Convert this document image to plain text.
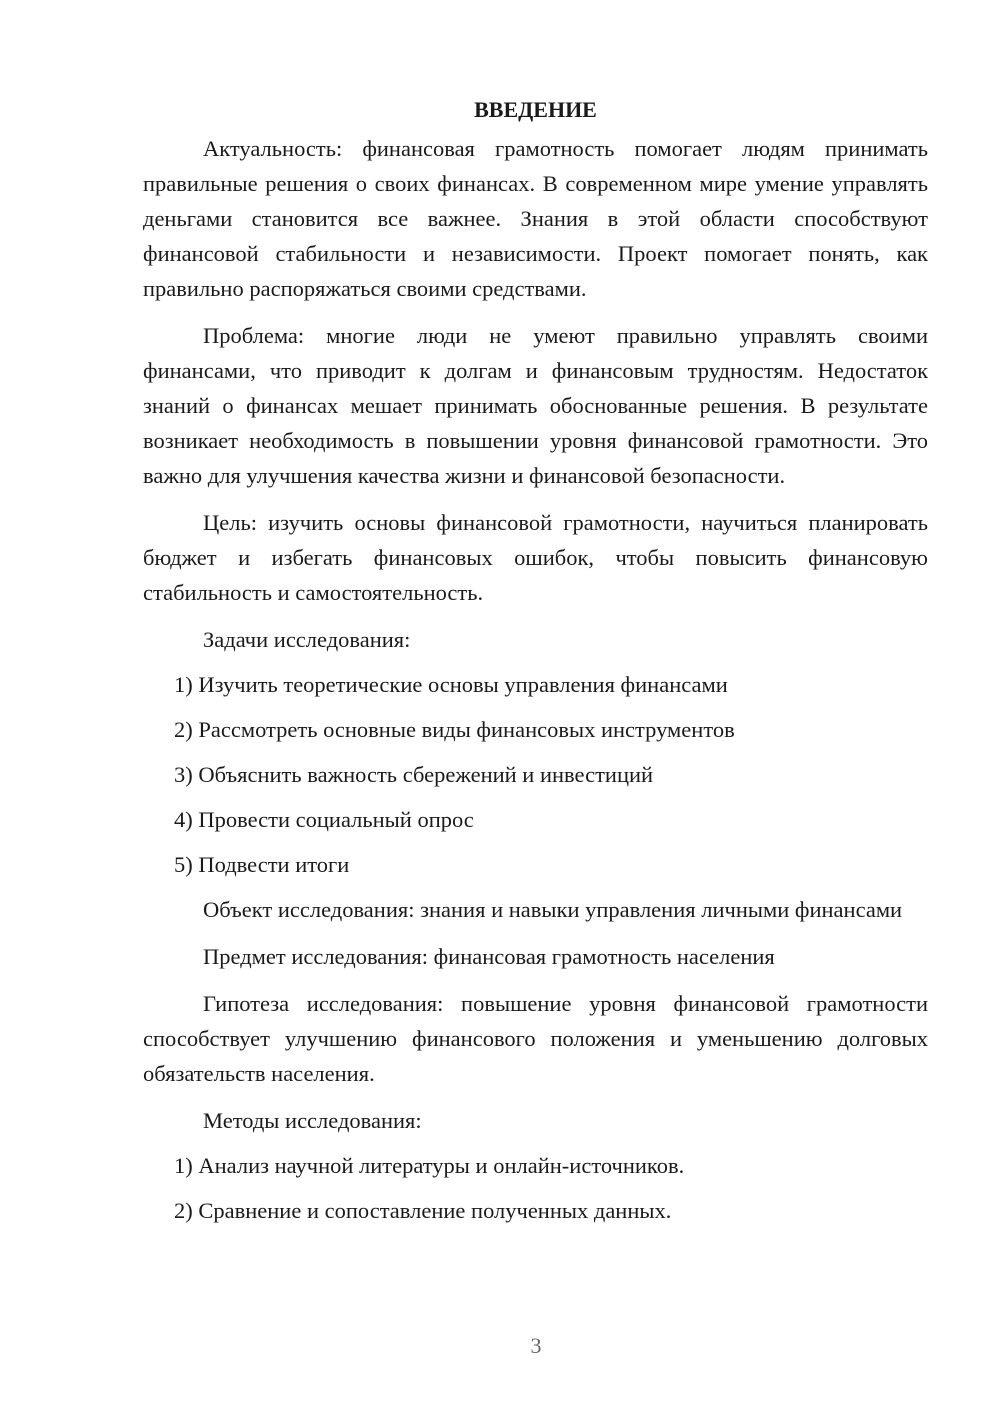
ВВЕДЕНИЕ

Актуальность: финансовая грамотность помогает людям принимать правильные решения о своих финансах. В современном мире умение управлять деньгами становится все важнее. Знания в этой области способствуют финансовой стабильности и независимости. Проект помогает понять, как правильно распоряжаться своими средствами.

Проблема: многие люди не умеют правильно управлять своими финансами, что приводит к долгам и финансовым трудностям. Недостаток знаний о финансах мешает принимать обоснованные решения. В результате возникает необходимость в повышении уровня финансовой грамотности. Это важно для улучшения качества жизни и финансовой безопасности.

Цель: изучить основы финансовой грамотности, научиться планировать бюджет и избегать финансовых ошибок, чтобы повысить финансовую стабильность и самостоятельность.

Задачи исследования:

1) Изучить теоретические основы управления финансами
2) Рассмотреть основные виды финансовых инструментов
3) Объяснить важность сбережений и инвестиций
4) Провести социальный опрос
5) Подвести итоги

Объект исследования: знания и навыки управления личными финансами

Предмет исследования: финансовая грамотность населения

Гипотеза исследования: повышение уровня финансовой грамотности способствует улучшению финансового положения и уменьшению долговых обязательств населения.

Методы исследования:

1) Анализ научной литературы и онлайн-источников.
2) Сравнение и сопоставление полученных данных.
3
